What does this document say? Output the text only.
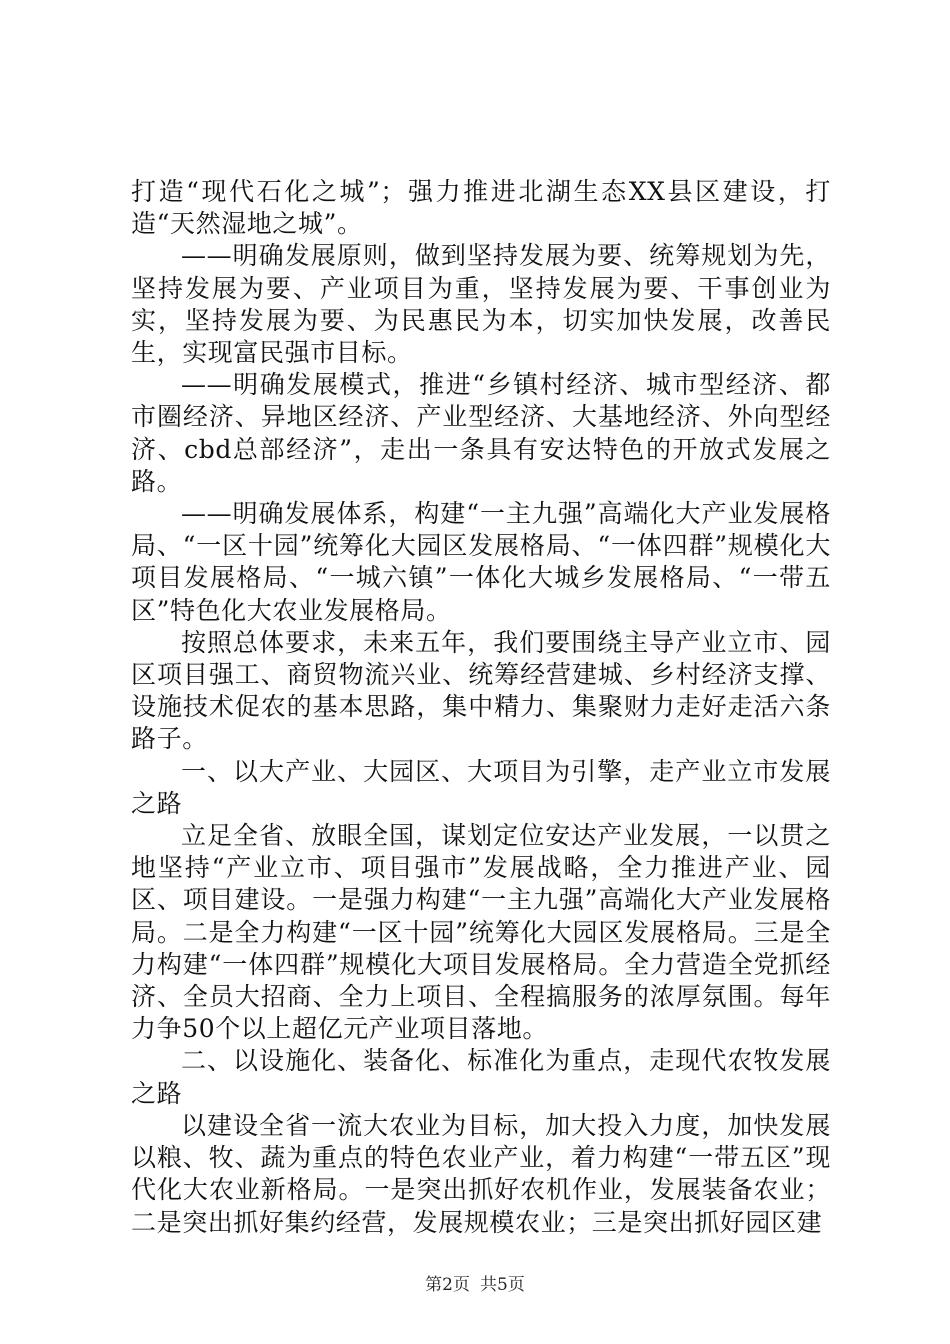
打造“现代石化之城”；强力推进北湖生态XX县区建设，打造“天然湿地之城”。

——明确发展原则，做到坚持发展为要、统筹规划为先，坚持发展为要、产业项目为重，坚持发展为要、干事创业为实，坚持发展为要、为民惠民为本，切实加快发展，改善民生，实现富民强市目标。

——明确发展模式，推进“乡镇村经济、城市型经济、都市圈经济、异地区经济、产业型经济、大基地经济、外向型经济、cbd总部经济”，走出一条具有安达特色的开放式发展之路。

——明确发展体系，构建“一主九强”高端化大产业发展格局、“一区十园”统筹化大园区发展格局、“一体四群”规模化大项目发展格局、“一城六镇”一体化大城乡发展格局、“一带五区”特色化大农业发展格局。

按照总体要求，未来五年，我们要围绕主导产业立市、园区项目强工、商贸物流兴业、统筹经营建城、乡村经济支撑、设施技术促农的基本思路，集中精力、集聚财力走好走活六条路子。

一、以大产业、大园区、大项目为引擎，走产业立市发展之路

立足全省、放眼全国，谋划定位安达产业发展，一以贯之地坚持“产业立市、项目强市”发展战略，全力推进产业、园区、项目建设。一是强力构建“一主九强”高端化大产业发展格局。二是全力构建“一区十园”统筹化大园区发展格局。三是全力构建“一体四群”规模化大项目发展格局。全力营造全党抓经济、全员大招商、全力上项目、全程搞服务的浓厚氛围。每年力争50个以上超亿元产业项目落地。

二、以设施化、装备化、标准化为重点，走现代农牧发展之路

以建设全省一流大农业为目标，加大投入力度，加快发展以粮、牧、蔬为重点的特色农业产业，着力构建“一带五区”现代化大农业新格局。一是突出抓好农机作业，发展装备农业；二是突出抓好集约经营，发展规模农业；三是突出抓好园区建

第2页 共5页
